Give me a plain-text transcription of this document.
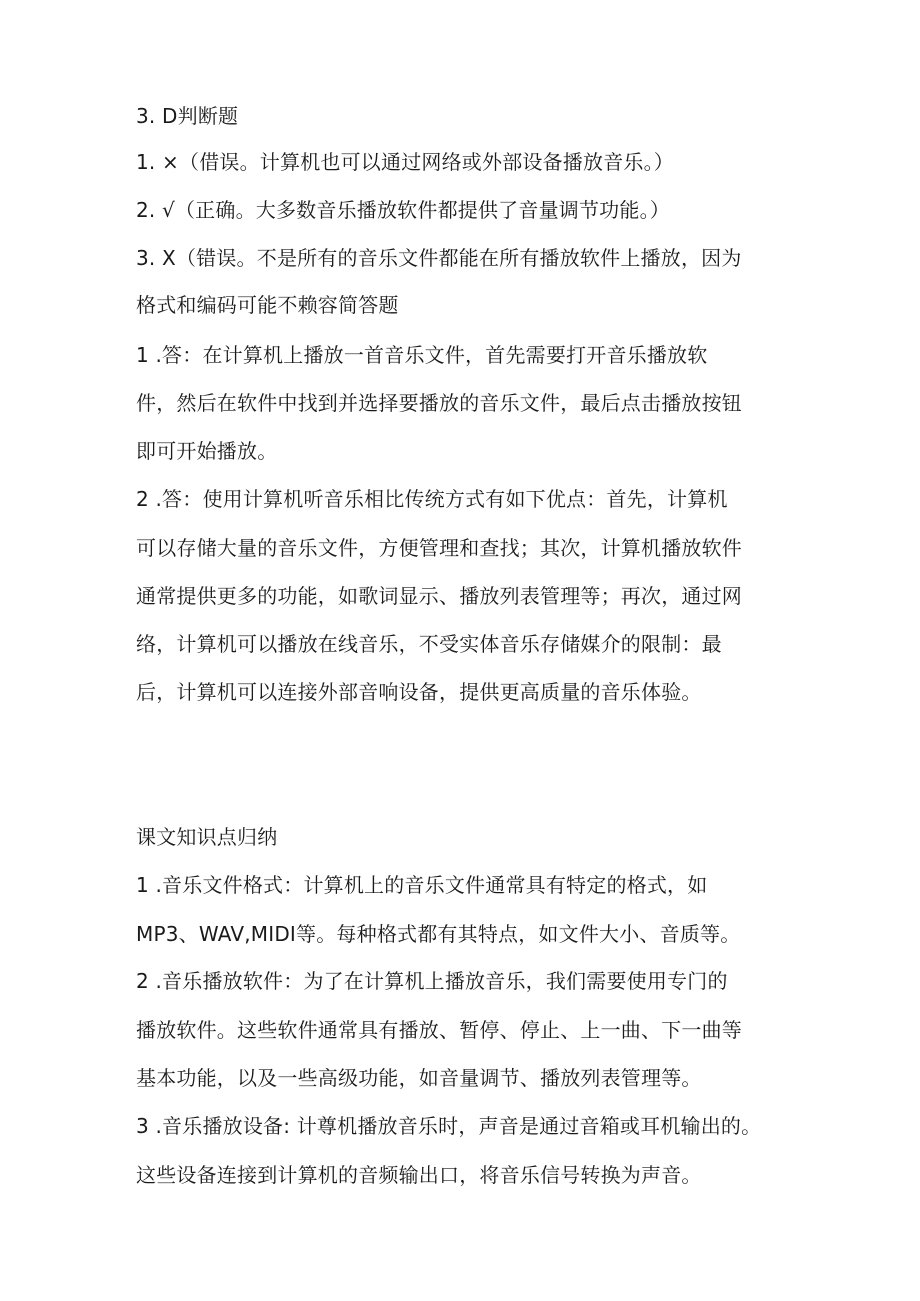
3. D判断题
1. ×（借误。计算机也可以通过网络或外部设备播放音乐。）
2. √（正确。大多数音乐播放软件都提供了音量调节功能。）
3. X（错误。不是所有的音乐文件都能在所有播放软件上播放，因为
格式和编码可能不赖容简答题
1 .答：在计算机上播放一首音乐文件，首先需要打开音乐播放软
件，然后在软件中找到并选择要播放的音乐文件，最后点击播放按钮
即可开始播放。
2 .答：使用计算机听音乐相比传统方式有如下优点：首先，计算机
可以存储大量的音乐文件，方便管理和查找；其次，计算机播放软件
通常提供更多的功能，如歌词显示、播放列表管理等；再次，通过网
络，计算机可以播放在线音乐，不受实体音乐存储媒介的限制：最
后，计算机可以连接外部音响设备，提供更高质量的音乐体验。
课文知识点归纳
1 .音乐文件格式：计算机上的音乐文件通常具有特定的格式，如
MP3、WAV,MIDI等。每种格式都有其特点，如文件大小、音质等。
2 .音乐播放软件：为了在计算机上播放音乐，我们需要使用专门的
播放软件。这些软件通常具有播放、暂停、停止、上一曲、下一曲等
基本功能，以及一些高级功能，如音量调节、播放列表管理等。
3 .音乐播放设备: 计尊机播放音乐时，声音是通过音箱或耳机输出的。
这些设备连接到计算机的音频输出口，将音乐信号转换为声音。
